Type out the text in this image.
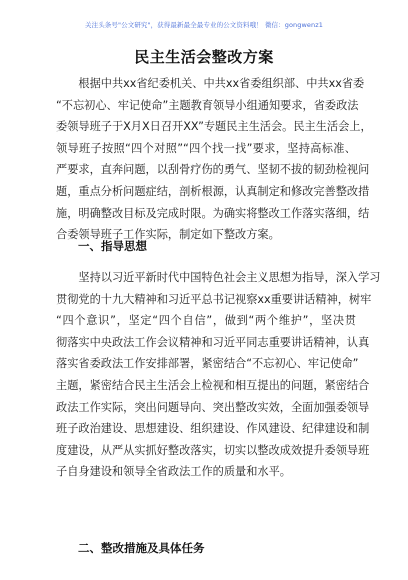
关注头条号"公文研究"，获得最新最全最专业的公文资料哦！ 微信：gongwenz1
民主生活会整改方案
　　根据中共xx省纪委机关、中共xx省委组织部、中共xx省委
“不忘初心、牢记使命”主题教育领导小组通知要求，省委政法
委领导班子于X月X日召开XX”专题民主生活会。民主生活会上，
领导班子按照“四个对照”“四个找一找”要求，坚持高标准、
严要求，直奔问题，以刮骨疗伤的勇气、坚韧不拔的韧劲检视问
题，重点分析问题症结，剖析根源，认真制定和修改完善整改措
施，明确整改目标及完成时限。为确实将整改工作落实落细，结
合委领导班子工作实际，制定如下整改方案。
一、指导思想
　　坚持以习近平新时代中国特色社会主义思想为指导，深入学习
贯彻党的十九大精神和习近平总书记视察xx重要讲话精神，树牢
“四个意识”，坚定“四个自信”，做到“两个维护”，坚决贯
彻落实中央政法工作会议精神和习近平同志重要讲话精神，认真
落实省委政法工作安排部署，紧密结合“不忘初心、牢记使命”
主题，紧密结合民主生活会上检视和相互提出的问题，紧密结合
政法工作实际，突出问题导向、突出整改实效，全面加强委领导
班子政治建设、思想建设、组织建设、作风建设、纪律建设和制
度建设，从严从实抓好整改落实，切实以整改成效提升委领导班
子自身建设和领导全省政法工作的质量和水平。
二、整改措施及具体任务
